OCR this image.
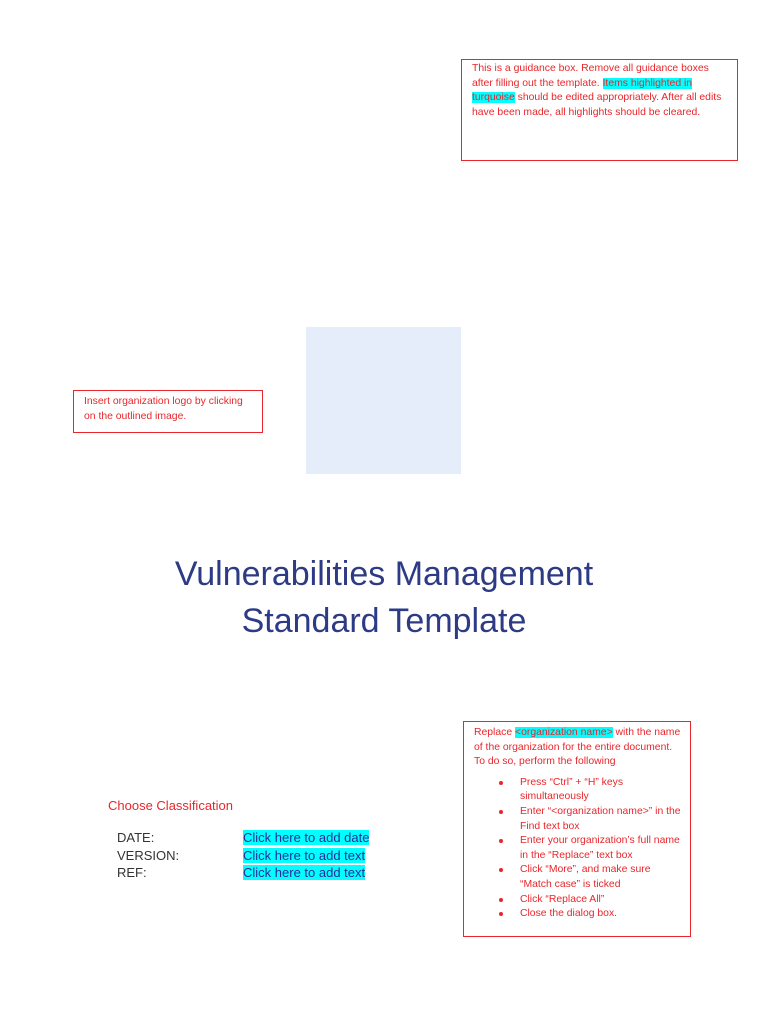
This is a guidance box. Remove all guidance boxes after filling out the template. Items highlighted in turquoise should be edited appropriately. After all edits have been made, all highlights should be cleared.
Insert organization logo by clicking on the outlined image.
Vulnerabilities Management
Standard Template
Replace <organization name> with the name of the organization for the entire document. To do so, perform the following
Press “Ctrl” + “H” keys simultaneously
Enter “<organization name>” in the Find text box
Enter your organization’s full name in the “Replace” text box
Click “More”, and make sure “Match case” is ticked
Click “Replace All”
Close the dialog box.
Choose Classification
DATE:	Click here to add date
VERSION:	Click here to add text
REF:	Click here to add text
